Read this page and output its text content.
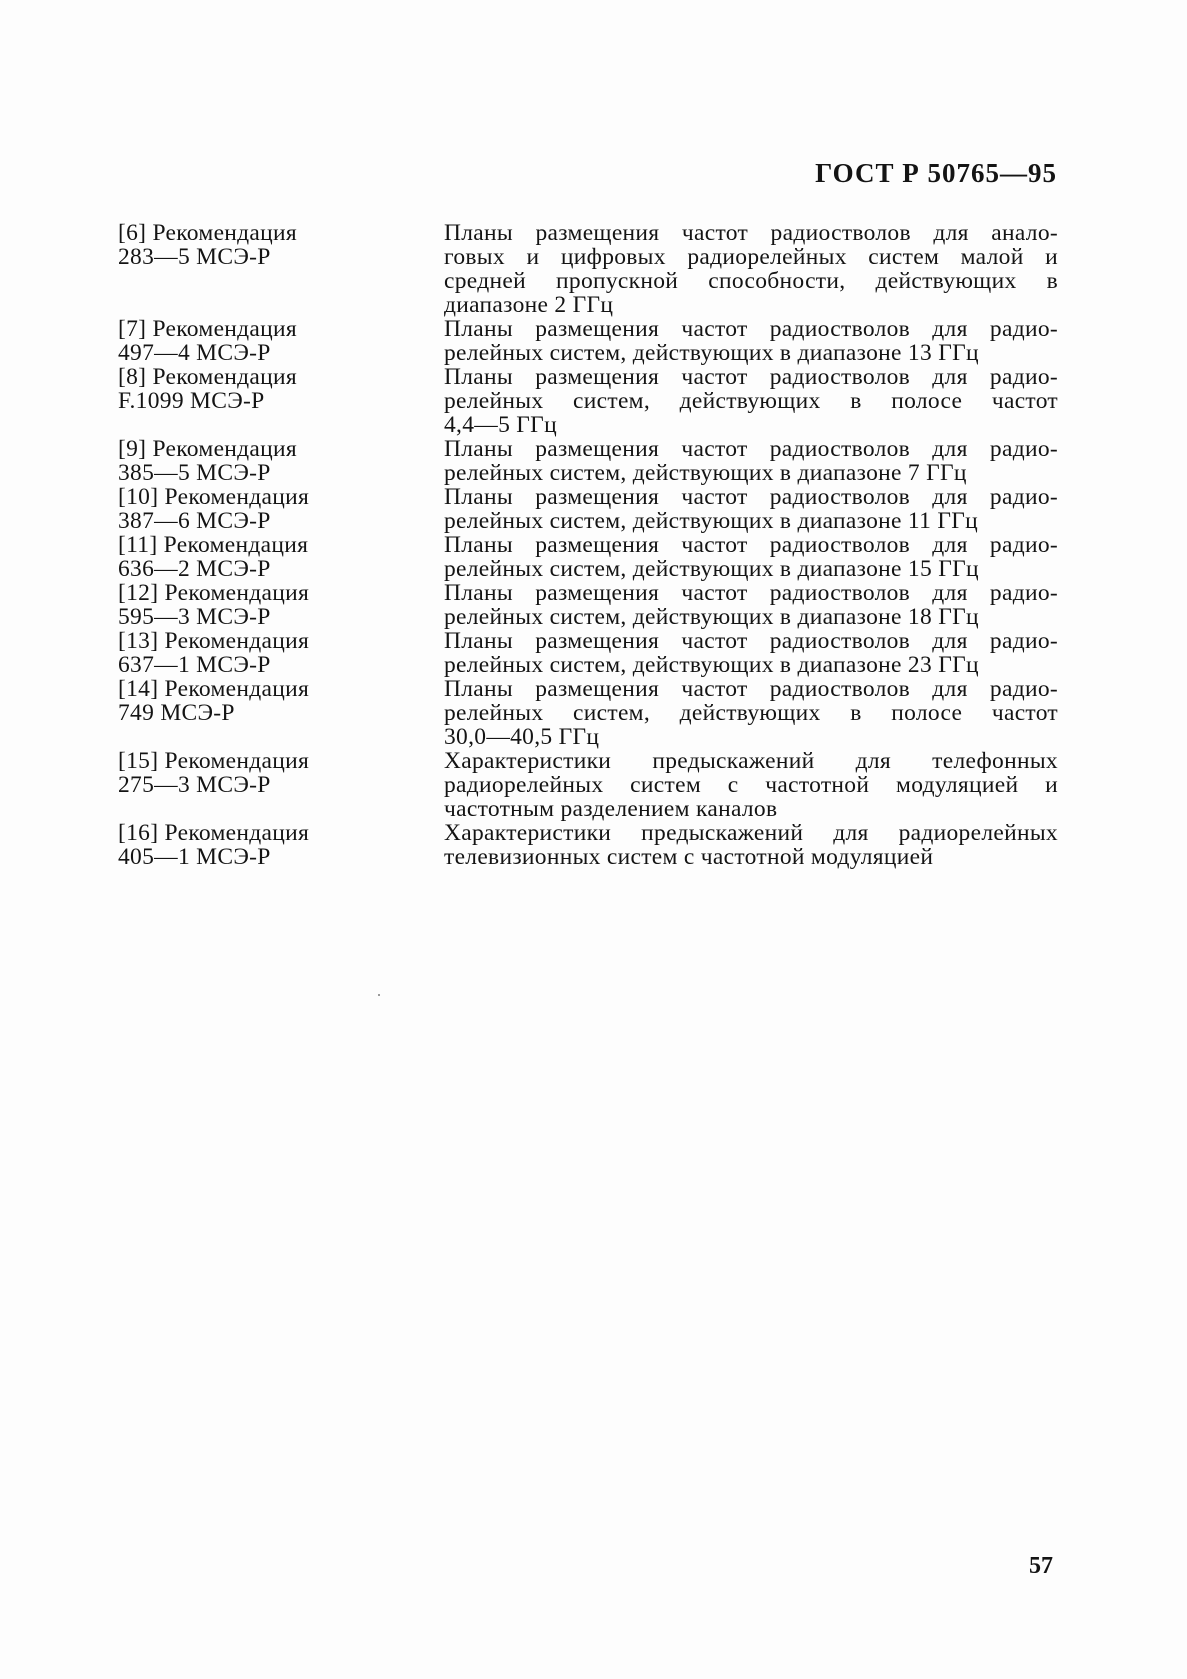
ГОСТ Р 50765—95
[6] Рекомендация
283—5 МСЭ-Р
Планы размещения частот радиостволов для анало-
говых и цифровых радиорелейных систем малой и
средней пропускной способности, действующих в
диапазоне 2 ГГц
[7] Рекомендация
497—4 МСЭ-Р
Планы размещения частот радиостволов для радио-
релейных систем, действующих в диапазоне 13 ГГц
[8] Рекомендация
F.1099 МСЭ-Р
Планы размещения частот радиостволов для радио-
релейных систем, действующих в полосе частот
4,4—5 ГГц
[9] Рекомендация
385—5 МСЭ-Р
Планы размещения частот радиостволов для радио-
релейных систем, действующих в диапазоне 7 ГГц
[10] Рекомендация
387—6 МСЭ-Р
Планы размещения частот радиостволов для радио-
релейных систем, действующих в диапазоне 11 ГГц
[11] Рекомендация
636—2 МСЭ-Р
Планы размещения частот радиостволов для радио-
релейных систем, действующих в диапазоне 15 ГГц
[12] Рекомендация
595—3 МСЭ-Р
Планы размещения частот радиостволов для радио-
релейных систем, действующих в диапазоне 18 ГГц
[13] Рекомендация
637—1 МСЭ-Р
Планы размещения частот радиостволов для радио-
релейных систем, действующих в диапазоне 23 ГГц
[14] Рекомендация
749 МСЭ-Р
Планы размещения частот радиостволов для радио-
релейных систем, действующих в полосе частот
30,0—40,5 ГГц
[15] Рекомендация
275—3 МСЭ-Р
Характеристики предыскажений для телефонных
радиорелейных систем с частотной модуляцией и
частотным разделением каналов
[16] Рекомендация
405—1 МСЭ-Р
Характеристики предыскажений для радиорелейных
телевизионных систем с частотной модуляцией
57
